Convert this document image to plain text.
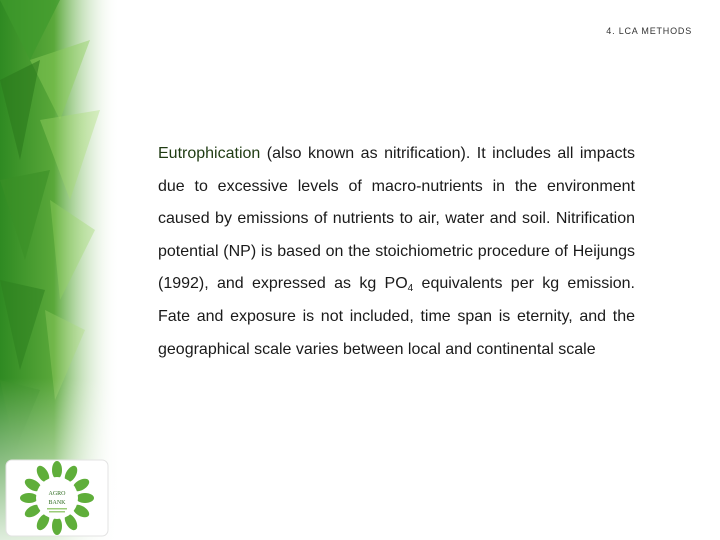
4. LCA METHODS
Eutrophication (also known as nitrification). It includes all impacts due to excessive levels of macro-nutrients in the environment caused by emissions of nutrients to air, water and soil. Nitrification potential (NP) is based on the stoichiometric procedure of Heijungs (1992), and expressed as kg $PO_4$ equivalents per kg emission. Fate and exposure is not included, time span is eternity, and the geographical scale varies between local and continental scale
AGRO
BANK
